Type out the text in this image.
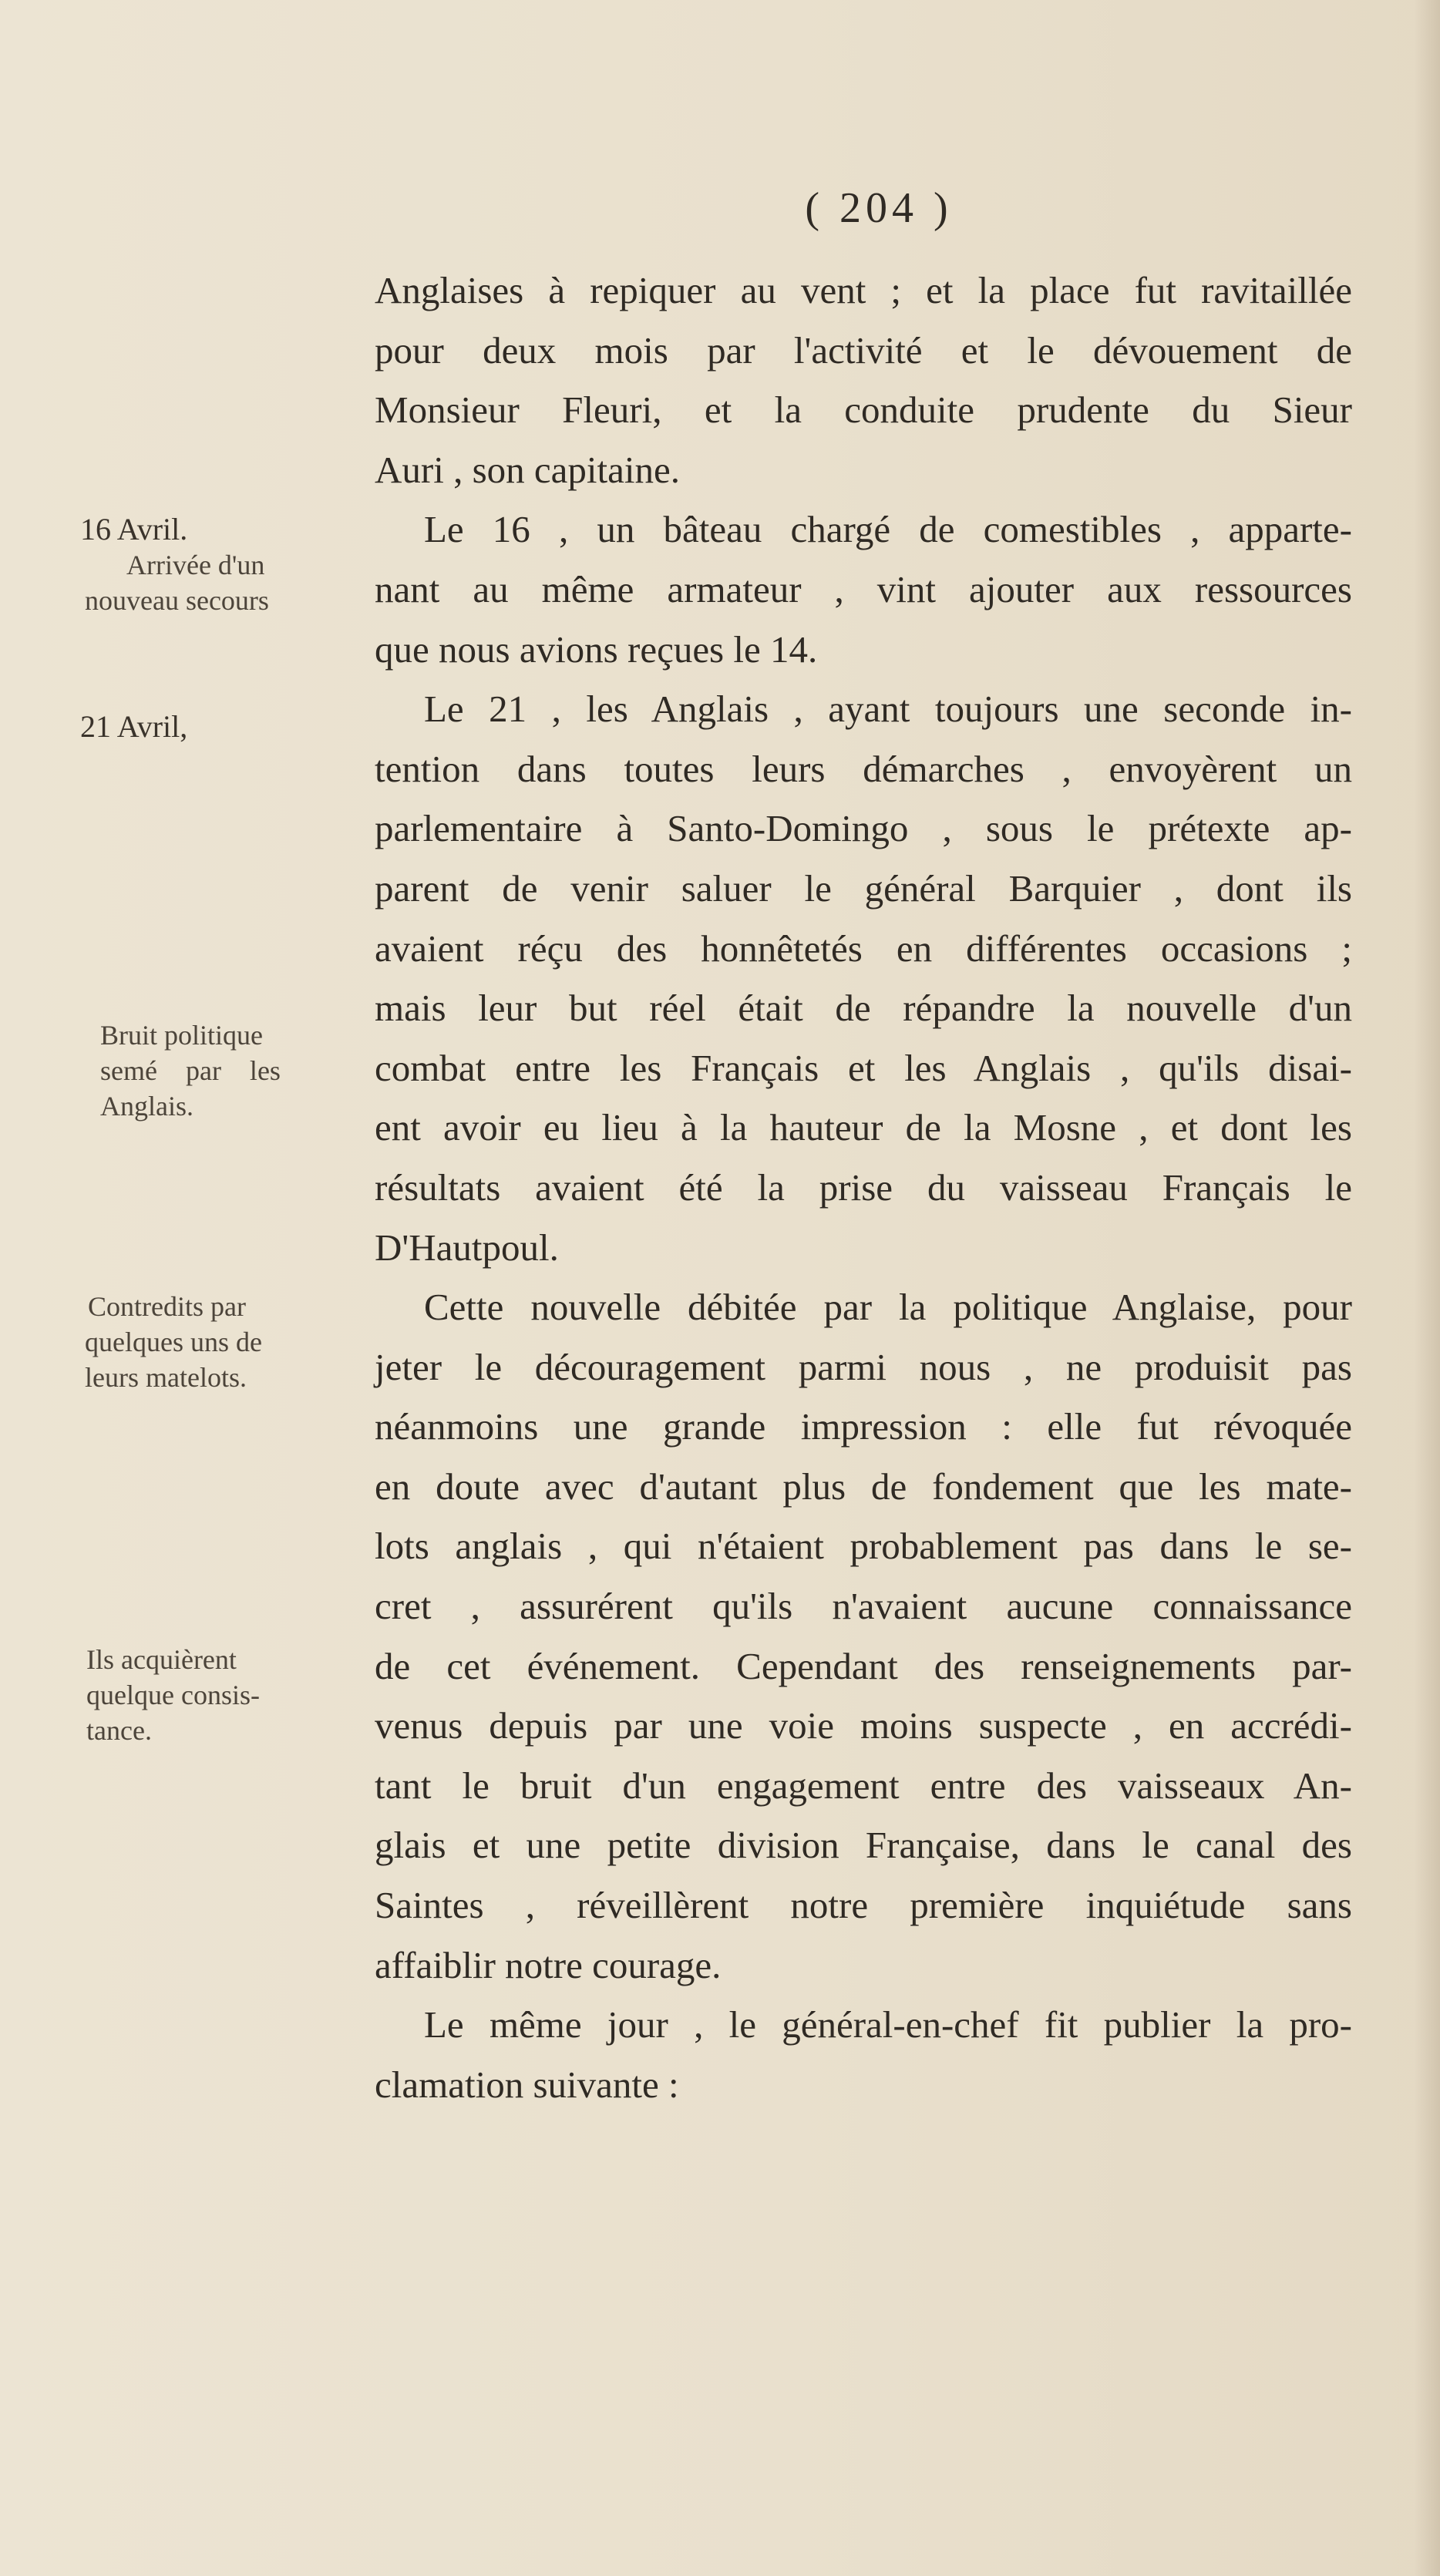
( 204 )
16 Avril.
Arrivée d'un
nouveau secours
21 Avril,
Bruit politique
semé par les
Anglais.
Contredits par
quelques uns de
leurs matelots.
Ils acquièrent
quelque consis-
tance.
Anglaises à repiquer au vent ; et la place fut ravitaillée
pour deux mois par l'activité et le dévouement de
Monsieur Fleuri, et la conduite prudente du Sieur
Auri , son capitaine.
Le 16 , un bâteau chargé de comestibles , apparte-
nant au même armateur , vint ajouter aux ressources
que nous avions reçues le 14.
Le 21 , les Anglais , ayant toujours une seconde in-
tention dans toutes leurs démarches , envoyèrent un
parlementaire à Santo-Domingo , sous le prétexte ap-
parent de venir saluer le général Barquier , dont ils
avaient réçu des honnêtetés en différentes occasions ;
mais leur but réel était de répandre la nouvelle d'un
combat entre les Français et les Anglais , qu'ils disai-
ent avoir eu lieu à la hauteur de la Mosne , et dont les
résultats avaient été la prise du vaisseau Français le
D'Hautpoul.
Cette nouvelle débitée par la politique Anglaise, pour
jeter le découragement parmi nous , ne produisit pas
néanmoins une grande impression : elle fut révoquée
en doute avec d'autant plus de fondement que les mate-
lots anglais , qui n'étaient probablement pas dans le se-
cret , assurérent qu'ils n'avaient aucune connaissance
de cet événement. Cependant des renseignements par-
venus depuis par une voie moins suspecte , en accrédi-
tant le bruit d'un engagement entre des vaisseaux An-
glais et une petite division Française, dans le canal des
Saintes , réveillèrent notre première inquiétude sans
affaiblir notre courage.
Le même jour , le général-en-chef fit publier la pro-
clamation suivante :
